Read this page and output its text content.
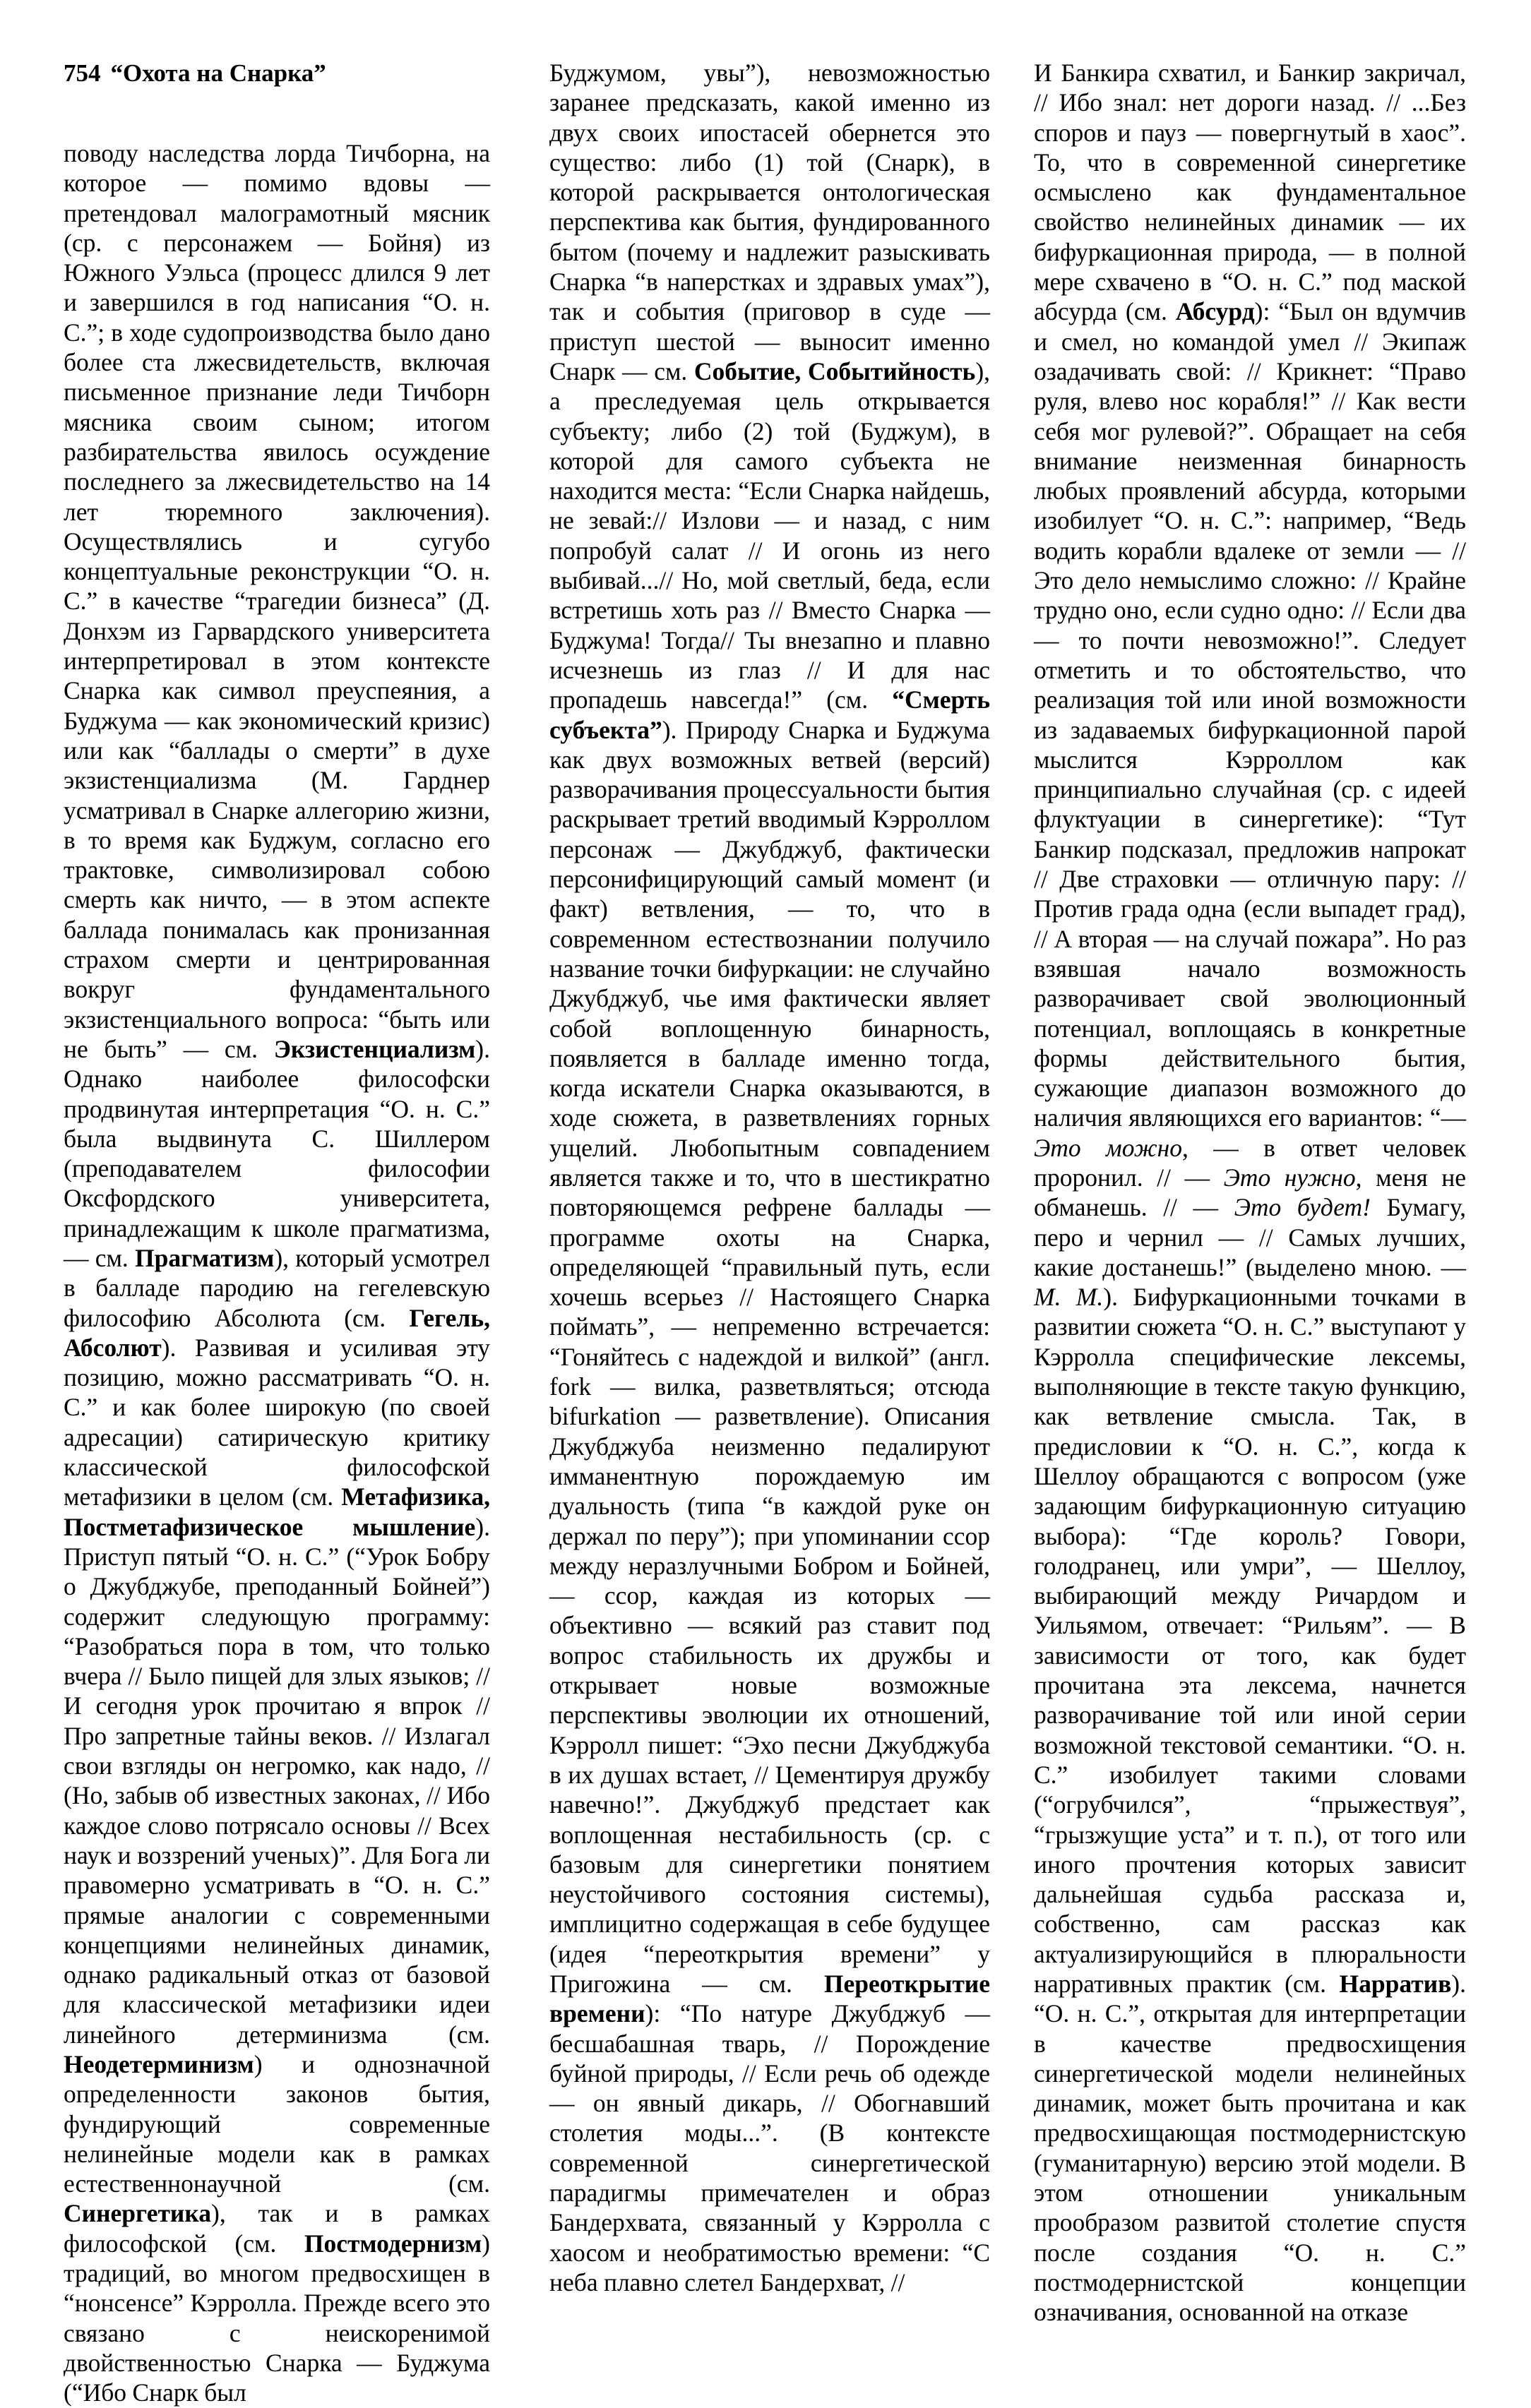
754 “Охота на Снарка”

поводу наследства лорда Тичборна, на которое — помимо вдовы — претендовал малограмотный мясник (ср. с персонажем — Бойня) из Южного Уэльса (процесс длился 9 лет и завершился в год написания “О. н. С.”; в ходе судопроизводства было дано более ста лжесвидетельств, включая письменное признание леди Тичборн мясника своим сыном; итогом разбирательства явилось осуждение последнего за лжесвидетельство на 14 лет тюремного заключения). Осуществлялись и сугубо концептуальные реконструкции “О. н. С.” в качестве “трагедии бизнеса” (Д. Донхэм из Гарвардского университета интерпретировал в этом контексте Снарка как символ преуспеяния, а Буджума — как экономический кризис) или как “баллады о смерти” в духе экзистенциализма (М. Гарднер усматривал в Снарке аллегорию жизни, в то время как Буджум, согласно его трактовке, символизировал собою смерть как ничто, — в этом аспекте баллада понималась как пронизанная страхом смерти и центрированная вокруг фундаментального экзистенциального вопроса: “быть или не быть” — см. Экзистенциализм). Однако наиболее философски продвинутая интерпретация “О. н. С.” была выдвинута С. Шиллером (преподавателем философии Оксфордского университета, принадлежащим к школе прагматизма, — см. Прагматизм), который усмотрел в балладе пародию на гегелевскую философию Абсолюта (см. Гегель, Абсолют). Развивая и усиливая эту позицию, можно рассматривать “О. н. С.” и как более широкую (по своей адресации) сатирическую критику классической философской метафизики в целом (см. Метафизика, Постметафизическое мышление). Приступ пятый “О. н. С.” (“Урок Бобру о Джубджубе, преподанный Бойней”) содержит следующую программу: “Разобраться пора в том, что только вчера // Было пищей для злых языков; // И сегодня урок прочитаю я впрок // Про запретные тайны веков. // Излагал свои взгляды он негромко, как надо, // (Но, забыв об известных законах, // Ибо каждое слово потрясало основы // Всех наук и воззрений ученых)”. Для Бога ли правомерно усматривать в “О. н. С.” прямые аналогии с современными концепциями нелинейных динамик, однако радикальный отказ от базовой для классической метафизики идеи линейного детерминизма (см. Неодетерминизм) и однозначной определенности законов бытия, фундирующий современные нелинейные модели как в рамках естественнонаучной (см. Синергетика), так и в рамках философской (см. Постмодернизм) традиций, во многом предвосхищен в “нонсенсе” Кэрролла. Прежде всего это связано с неискоренимой двойственностью Снарка — Буджума (“Ибо Снарк был

Буджумом, увы”), невозможностью заранее предсказать, какой именно из двух своих ипостасей обернется это существо: либо (1) той (Снарк), в которой раскрывается онтологическая перспектива как бытия, фундированного бытом (почему и надлежит разыскивать Снарка “в наперстках и здравых умах”), так и события (приговор в суде — приступ шестой — выносит именно Снарк — см. Событие, Событийность), а преследуемая цель открывается субъекту; либо (2) той (Буджум), в которой для самого субъекта не находится места: “Если Снарка найдешь, не зевай:// Излови — и назад, с ним попробуй салат // И огонь из него выбивай...// Но, мой светлый, беда, если встретишь хоть раз // Вместо Снарка — Буджума! Тогда// Ты внезапно и плавно исчезнешь из глаз // И для нас пропадешь навсегда!” (см. “Смерть субъекта”). Природу Снарка и Буджума как двух возможных ветвей (версий) разворачивания процессуальности бытия раскрывает третий вводимый Кэрроллом персонаж — Джубджуб, фактически персонифицирующий самый момент (и факт) ветвления, — то, что в современном естествознании получило название точки бифуркации: не случайно Джубджуб, чье имя фактически являет собой воплощенную бинарность, появляется в балладе именно тогда, когда искатели Снарка оказываются, в ходе сюжета, в разветвлениях горных ущелий. Любопытным совпадением является также и то, что в шестикратно повторяющемся рефрене баллады — программе охоты на Снарка, определяющей “правильный путь, если хочешь всерьез // Настоящего Снарка поймать”, — непременно встречается: “Гоняйтесь с надеждой и вилкой” (англ. fork — вилка, разветвляться; отсюда bifurkation — разветвление). Описания Джубджуба неизменно педалируют имманентную порождаемую им дуальность (типа “в каждой руке он держал по перу”); при упоминании ссор между неразлучными Бобром и Бойней, — ссор, каждая из которых — объективно — всякий раз ставит под вопрос стабильность их дружбы и открывает новые возможные перспективы эволюции их отношений, Кэрролл пишет: “Эхо песни Джубджуба в их душах встает, // Цементируя дружбу навечно!”. Джубджуб предстает как воплощенная нестабильность (ср. с базовым для синергетики понятием неустойчивого состояния системы), имплицитно содержащая в себе будущее (идея “переоткрытия времени” у Пригожина — см. Переоткрытие времени): “По натуре Джубджуб — бесшабашная тварь, // Порождение буйной природы, // Если речь об одежде — он явный дикарь, // Обогнавший столетия моды...”. (В контексте современной синергетической парадигмы примечателен и образ Бандерхвата, связанный у Кэрролла с хаосом и необратимостью времени: “С неба плавно слетел Бандерхват, //

И Банкира схватил, и Банкир закричал, // Ибо знал: нет дороги назад. // ...Без споров и пауз — повергнутый в хаос”. То, что в современной синергетике осмыслено как фундаментальное свойство нелинейных динамик — их бифуркационная природа, — в полной мере схвачено в “О. н. С.” под маской абсурда (см. Абсурд): “Был он вдумчив и смел, но командой умел // Экипаж озадачивать свой: // Крикнет: “Право руля, влево нос корабля!” // Как вести себя мог рулевой?”. Обращает на себя внимание неизменная бинарность любых проявлений абсурда, которыми изобилует “О. н. С.”: например, “Ведь водить корабли вдалеке от земли — // Это дело немыслимо сложно: // Крайне трудно оно, если судно одно: // Если два — то почти невозможно!”. Следует отметить и то обстоятельство, что реализация той или иной возможности из задаваемых бифуркационной парой мыслится Кэрроллом как принципиально случайная (ср. с идеей флуктуации в синергетике): “Тут Банкир подсказал, предложив напрокат // Две страховки — отличную пару: // Против града одна (если выпадет град), // А вторая — на случай пожара”. Но раз взявшая начало возможность разворачивает свой эволюционный потенциал, воплощаясь в конкретные формы действительного бытия, сужающие диапазон возможного до наличия являющихся его вариантов: “— Это можно, — в ответ человек проронил. // — Это нужно, меня не обманешь. // — Это будет! Бумагу, перо и чернил — // Самых лучших, какие достанешь!” (выделено мною. — М. М.). Бифуркационными точками в развитии сюжета “О. н. С.” выступают у Кэрролла специфические лексемы, выполняющие в тексте такую функцию, как ветвление смысла. Так, в предисловии к “О. н. С.”, когда к Шеллоу обращаются с вопросом (уже задающим бифуркационную ситуацию выбора): “Где король? Говори, голодранец, или умри”, — Шеллоу, выбирающий между Ричардом и Уильямом, отвечает: “Рильям”. — В зависимости от того, как будет прочитана эта лексема, начнется разворачивание той или иной серии возможной текстовой семантики. “О. н. С.” изобилует такими словами (“огрубчился”, “прыжествуя”, “грызжущие уста” и т. п.), от того или иного прочтения которых зависит дальнейшая судьба рассказа и, собственно, сам рассказ как актуализирующийся в плюральности нарративных практик (см. Нарратив). “О. н. С.”, открытая для интерпретации в качестве предвосхищения синергетической модели нелинейных динамик, может быть прочитана и как предвосхищающая постмодернистскую (гуманитарную) версию этой модели. В этом отношении уникальным прообразом развитой столетие спустя после создания “О. н. С.” постмодернистской концепции означивания, основанной на отказе
